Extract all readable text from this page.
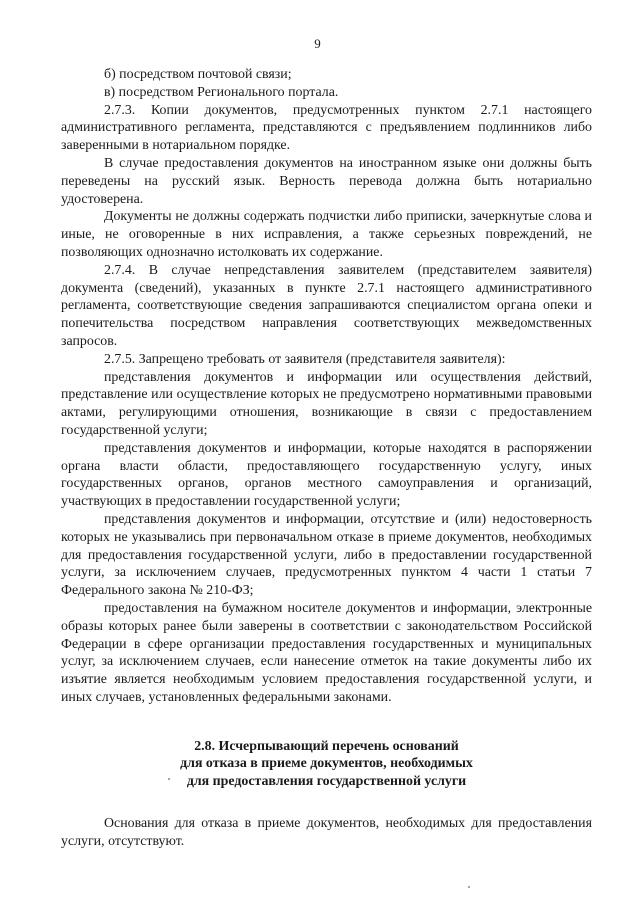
9

б) посредством почтовой связи;

в) посредством Регионального портала.

2.7.3. Копии документов, предусмотренных пунктом 2.7.1 настоящего административного регламента, представляются с предъявлением подлинников либо заверенными в нотариальном порядке.

В случае предоставления документов на иностранном языке они должны быть переведены на русский язык. Верность перевода должна быть нотариально удостоверена.

Документы не должны содержать подчистки либо приписки, зачеркнутые слова и иные, не оговоренные в них исправления, а также серьезных повреждений, не позволяющих однозначно истолковать их содержание.

2.7.4. В случае непредставления заявителем (представителем заявителя) документа (сведений), указанных в пункте 2.7.1 настоящего административного регламента, соответствующие сведения запрашиваются специалистом органа опеки и попечительства посредством направления соответствующих межведомственных запросов.

2.7.5. Запрещено требовать от заявителя (представителя заявителя):

представления документов и информации или осуществления действий, представление или осуществление которых не предусмотрено нормативными правовыми актами, регулирующими отношения, возникающие в связи с предоставлением государственной услуги;

представления документов и информации, которые находятся в распоряжении органа власти области, предоставляющего государственную услугу, иных государственных органов, органов местного самоуправления и организаций, участвующих в предоставлении государственной услуги;

представления документов и информации, отсутствие и (или) недостоверность которых не указывались при первоначальном отказе в приеме документов, необходимых для предоставления государственной услуги, либо в предоставлении государственной услуги, за исключением случаев, предусмотренных пунктом 4 части 1 статьи 7 Федерального закона № 210-ФЗ;

предоставления на бумажном носителе документов и информации, электронные образы которых ранее были заверены в соответствии с законодательством Российской Федерации в сфере организации предоставления государственных и муниципальных услуг, за исключением случаев, если нанесение отметок на такие документы либо их изъятие является необходимым условием предоставления государственной услуги, и иных случаев, установленных федеральными законами.

2.8. Исчерпывающий перечень оснований
для отказа в приеме документов, необходимых
для предоставления государственной услуги

Основания для отказа в приеме документов, необходимых для предоставления услуги, отсутствуют.
